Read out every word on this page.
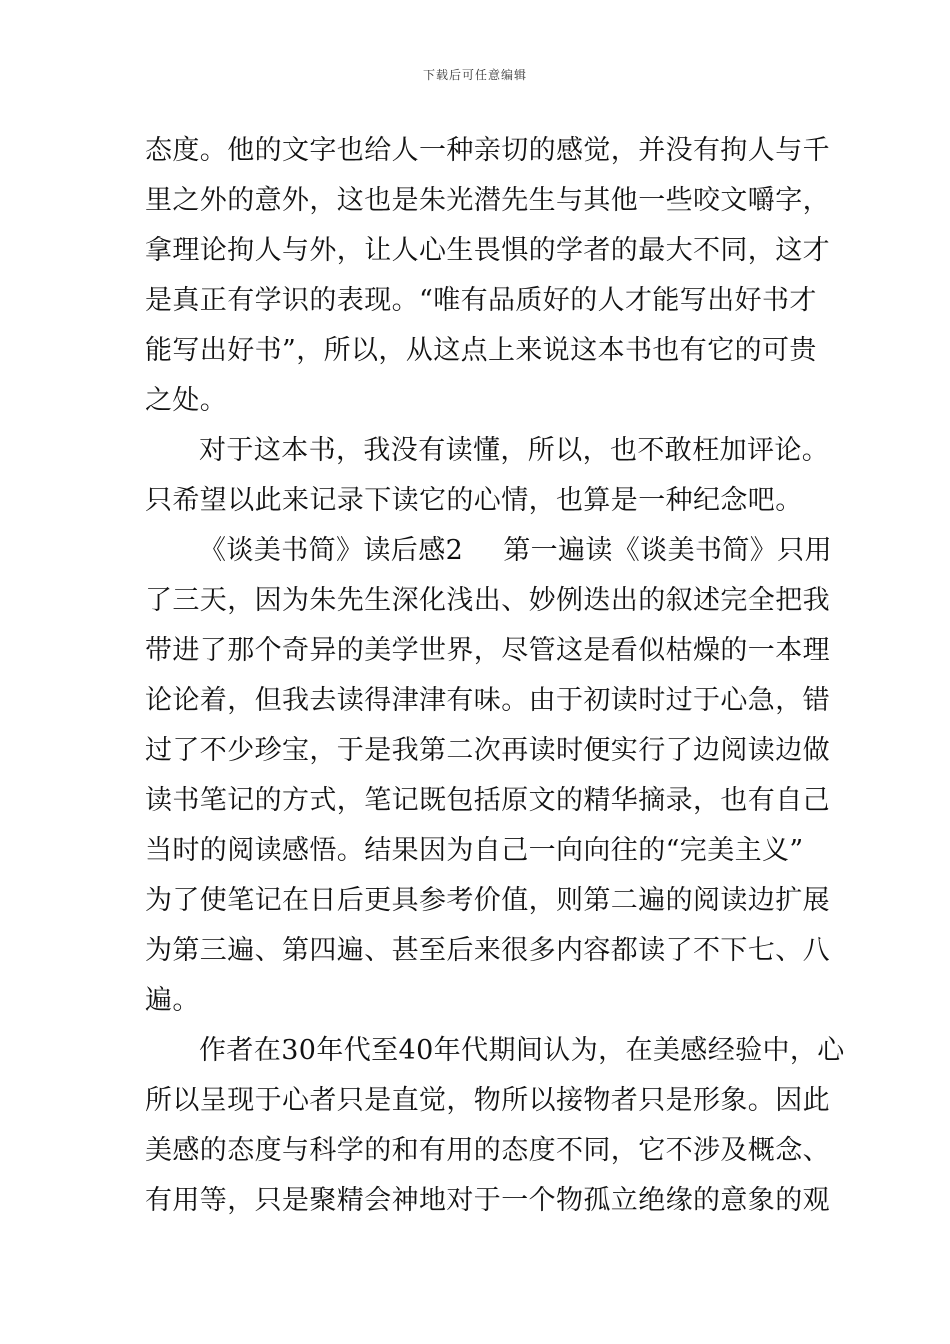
下载后可任意编辑
态度。他的文字也给人一种亲切的感觉，并没有拘人与千
里之外的意外，这也是朱光潜先生与其他一些咬文嚼字，
拿理论拘人与外，让人心生畏惧的学者的最大不同，这才
是真正有学识的表现。“唯有品质好的人才能写出好书才
能写出好书”，所以，从这点上来说这本书也有它的可贵
之处。
对于这本书，我没有读懂，所以，也不敢枉加评论。
只希望以此来记录下读它的心情，也算是一种纪念吧。
《谈美书简》读后感2 第一遍读《谈美书简》只用
了三天，因为朱先生深化浅出、妙例迭出的叙述完全把我
带进了那个奇异的美学世界，尽管这是看似枯燥的一本理
论论着，但我去读得津津有味。由于初读时过于心急，错
过了不少珍宝，于是我第二次再读时便实行了边阅读边做
读书笔记的方式，笔记既包括原文的精华摘录，也有自己
当时的阅读感悟。结果因为自己一向向往的“完美主义”
为了使笔记在日后更具参考价值，则第二遍的阅读边扩展
为第三遍、第四遍、甚至后来很多内容都读了不下七、八
遍。
作者在30年代至40年代期间认为，在美感经验中，心
所以呈现于心者只是直觉，物所以接物者只是形象。因此
美感的态度与科学的和有用的态度不同，它不涉及概念、
有用等，只是聚精会神地对于一个物孤立绝缘的意象的观
